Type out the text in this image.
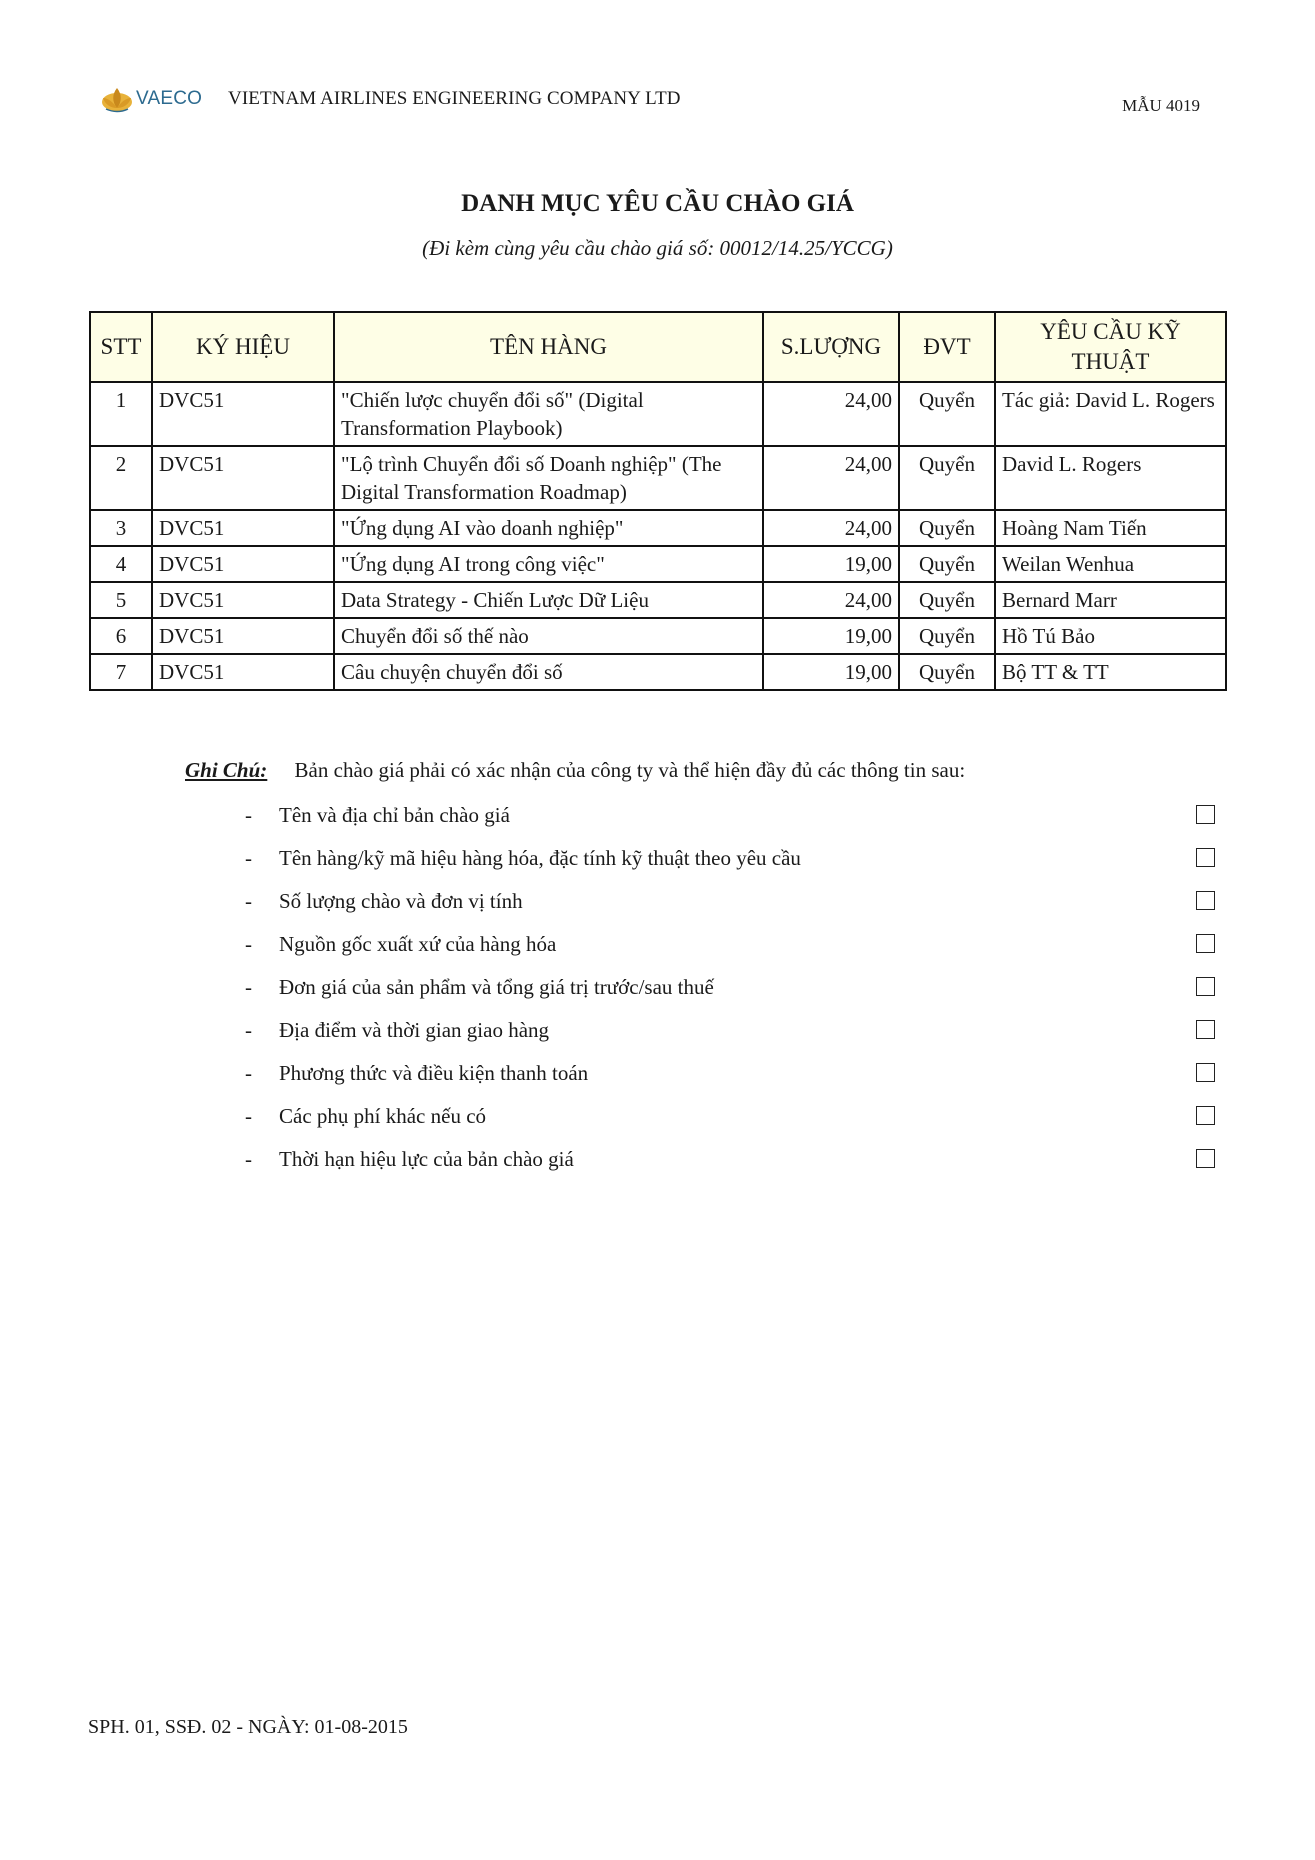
VAECO VIETNAM AIRLINES ENGINEERING COMPANY LTD	MẪU 4019
DANH MỤC YÊU CẦU CHÀO GIÁ
(Đi kèm cùng yêu cầu chào giá số: 00012/14.25/YCCG)
STT	KÝ HIỆU	TÊN HÀNG	S.LƯỢNG	ĐVT	YÊU CẦU KỸ THUẬT
1	DVC51	"Chiến lược chuyển đổi số" (Digital Transformation Playbook)	24,00	Quyển	Tác giả: David L. Rogers
2	DVC51	"Lộ trình Chuyển đổi số Doanh nghiệp" (The Digital Transformation Roadmap)	24,00	Quyển	David L. Rogers
3	DVC51	"Ứng dụng AI vào doanh nghiệp"	24,00	Quyển	Hoàng Nam Tiến
4	DVC51	"Ứng dụng AI trong công việc"	19,00	Quyển	Weilan Wenhua
5	DVC51	Data Strategy - Chiến Lược Dữ Liệu	24,00	Quyển	Bernard Marr
6	DVC51	Chuyển đổi số thế nào	19,00	Quyển	Hồ Tú Bảo
7	DVC51	Câu chuyện chuyển đổi số	19,00	Quyển	Bộ TT & TT
Ghi Chú: Bản chào giá phải có xác nhận của công ty và thể hiện đầy đủ các thông tin sau:
- Tên và địa chỉ bản chào giá
- Tên hàng/kỹ mã hiệu hàng hóa, đặc tính kỹ thuật theo yêu cầu
- Số lượng chào và đơn vị tính
- Nguồn gốc xuất xứ của hàng hóa
- Đơn giá của sản phẩm và tổng giá trị trước/sau thuế
- Địa điểm và thời gian giao hàng
- Phương thức và điều kiện thanh toán
- Các phụ phí khác nếu có
- Thời hạn hiệu lực của bản chào giá
SPH. 01, SSĐ. 02 - NGÀY: 01-08-2015
